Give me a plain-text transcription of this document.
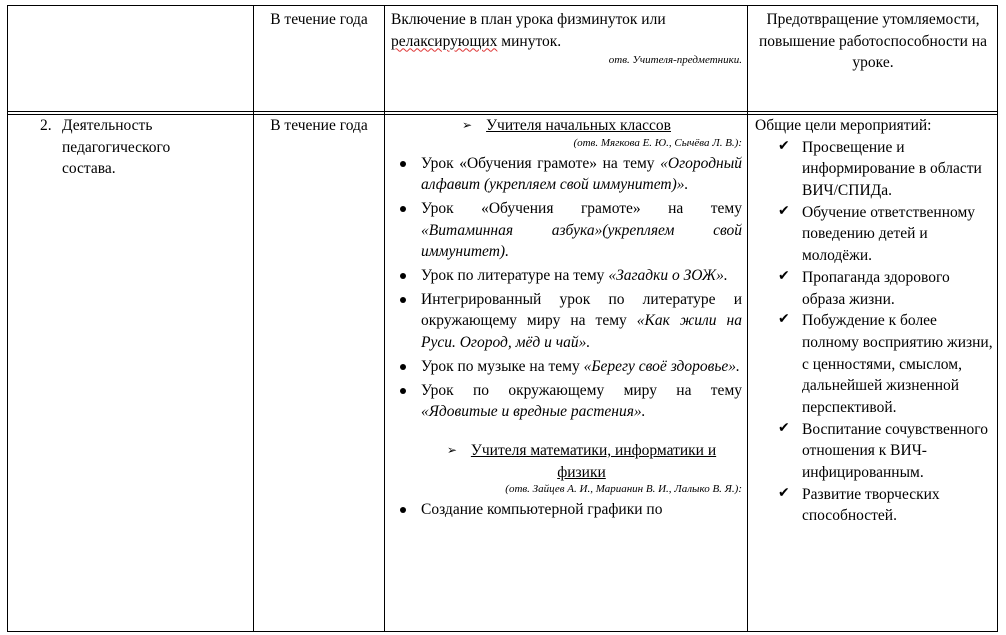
В течение года	Включение в план урока физминуток или релаксирующих минуток.
отв. Учителя-предметники.
Предотвращение утомляемости, повышение работоспособности на уроке.
2. Деятельность педагогического состава.
В течение года	➢ Учителя начальных классов
(отв. Мягкова Е. Ю., Сычёва Л. В.):
Урок «Обучения грамоте» на тему «Огородный алфавит (укрепляем свой иммунитет)».
Урок «Обучения грамоте» на тему «Витаминная азбука»(укрепляем свой иммунитет).
Урок по литературе на тему «Загадки о ЗОЖ».
Интегрированный урок по литературе и окружающему миру на тему «Как жили на Руси. Огород, мёд и чай».
Урок по музыке на тему «Берегу своё здоровье».
Урок по окружающему миру на тему «Ядовитые и вредные растения».
➢ Учителя математики, информатики и физики
(отв. Зайцев А. И., Марианин В. И., Лалыко В. Я.):
Создание компьютерной графики по
Общие цели мероприятий:
✔ Просвещение и информирование в области ВИЧ/СПИДа.
✔ Обучение ответственному поведению детей и молодёжи.
✔ Пропаганда здорового образа жизни.
✔ Побуждение к более полному восприятию жизни, с ценностями, смыслом, дальнейшей жизненной перспективой.
✔ Воспитание сочувственного отношения к ВИЧ-инфицированным.
✔ Развитие творческих способностей.
